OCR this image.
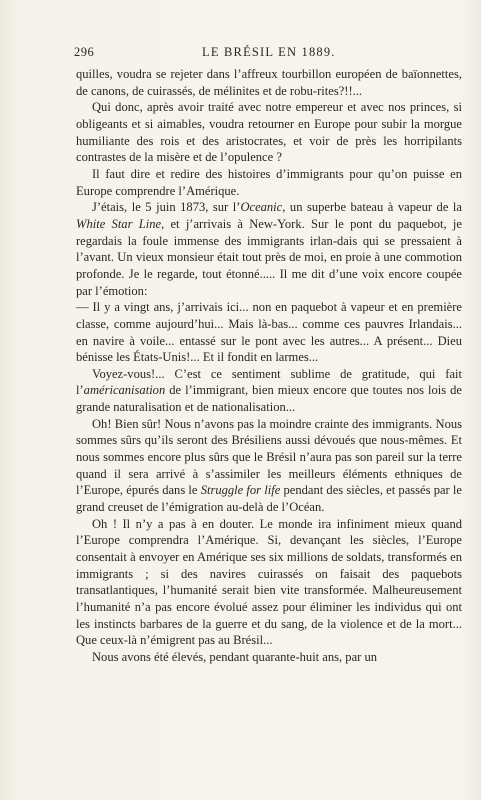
296	LE BRÉSIL EN 1889.

quilles, voudra se rejeter dans l’affreux tourbillon européen de baïonnettes, de canons, de cuirassés, de mélinites et de robu-rites?!!...

Qui donc, après avoir traité avec notre empereur et avec nos princes, si obligeants et si aimables, voudra retourner en Europe pour subir la morgue humiliante des rois et des aristocrates, et voir de près les horripilants contrastes de la misère et de l’opulence ?

Il faut dire et redire des histoires d’immigrants pour qu’on puisse en Europe comprendre l’Amérique.

J’étais, le 5 juin 1873, sur l’Oceanic, un superbe bateau à vapeur de la White Star Line, et j’arrivais à New-York. Sur le pont du paquebot, je regardais la foule immense des immigrants irlan-dais qui se pressaient à l’avant. Un vieux monsieur était tout près de moi, en proie à une commotion profonde. Je le regarde, tout étonné..... Il me dit d’une voix encore coupée par l’émotion:

— Il y a vingt ans, j’arrivais ici... non en paquebot à vapeur et en première classe, comme aujourd’hui... Mais là-bas... comme ces pauvres Irlandais... en navire à voile... entassé sur le pont avec les autres... A présent... Dieu bénisse les États-Unis!... Et il fondit en larmes...

Voyez-vous!... C’est ce sentiment sublime de gratitude, qui fait l’américanisation de l’immigrant, bien mieux encore que toutes nos lois de grande naturalisation et de nationalisation...

Oh! Bien sûr! Nous n’avons pas la moindre crainte des immigrants. Nous sommes sûrs qu’ils seront des Brésiliens aussi dévoués que nous-mêmes. Et nous sommes encore plus sûrs que le Brésil n’aura pas son pareil sur la terre quand il sera arrivé à s’assimiler les meilleurs éléments ethniques de l’Europe, épurés dans le Struggle for life pendant des siècles, et passés par le grand creuset de l’émigration au-delà de l’Océan.

Oh ! Il n’y a pas à en douter. Le monde ira infiniment mieux quand l’Europe comprendra l’Amérique. Si, devançant les siècles, l’Europe consentait à envoyer en Amérique ses six millions de soldats, transformés en immigrants ; si des navires cuirassés on faisait des paquebots transatlantiques, l’humanité serait bien vite transformée. Malheureusement l’humanité n’a pas encore évolué assez pour éliminer les individus qui ont les instincts barbares de la guerre et du sang, de la violence et de la mort... Que ceux-là n’émigrent pas au Brésil...

Nous avons été élevés, pendant quarante-huit ans, par un
